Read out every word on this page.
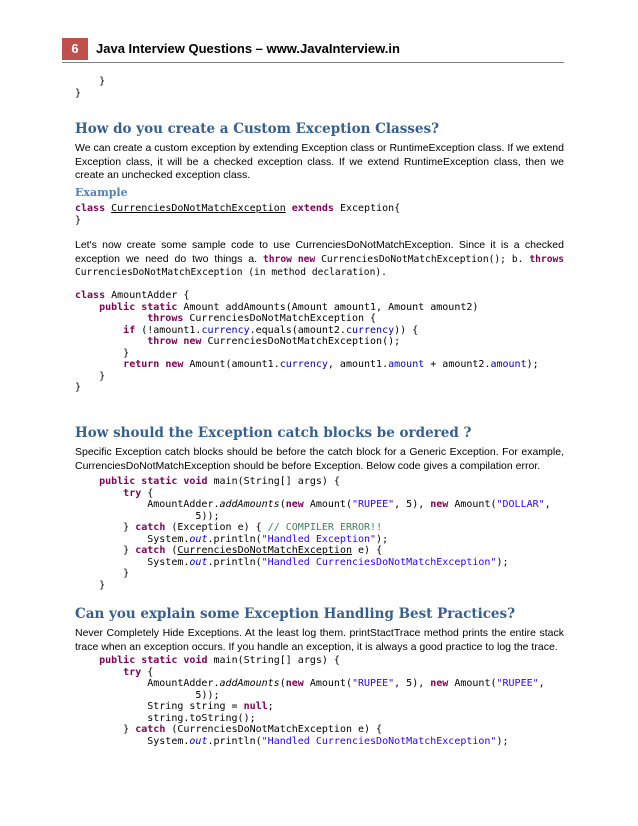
6	Java Interview Questions – www.JavaInterview.in
}
}
How do you create a Custom Exception Classes?

We can create a custom exception by extending Exception class or RuntimeException class. If we extend Exception class, it will be a checked exception class. If we extend RuntimeException class, then we create an unchecked exception class.

Example
class CurrenciesDoNotMatchException extends Exception{
}

Let's now create some sample code to use CurrenciesDoNotMatchException. Since it is a checked exception we need do two things a. throw new CurrenciesDoNotMatchException(); b. throws CurrenciesDoNotMatchException (in method declaration).

class AmountAdder {
public static Amount addAmounts(Amount amount1, Amount amount2)
throws CurrenciesDoNotMatchException {
if (!amount1.currency.equals(amount2.currency)) {
throw new CurrenciesDoNotMatchException();
}
return new Amount(amount1.currency, amount1.amount + amount2.amount);
}
}
How should the Exception catch blocks be ordered ?

Specific Exception catch blocks should be before the catch block for a Generic Exception. For example, CurrenciesDoNotMatchException should be before Exception. Below code gives a compilation error.

public static void main(String[] args) {
try {
AmountAdder.addAmounts(new Amount("RUPEE", 5), new Amount("DOLLAR",
5));
} catch (Exception e) { // COMPILER ERROR!!
System.out.println("Handled Exception");
} catch (CurrenciesDoNotMatchException e) {
System.out.println("Handled CurrenciesDoNotMatchException");
}
}
Can you explain some Exception Handling Best Practices?

Never Completely Hide Exceptions. At the least log them. printStactTrace method prints the entire stack trace when an exception occurs. If you handle an exception, it is always a good practice to log the trace.

public static void main(String[] args) {
try {
AmountAdder.addAmounts(new Amount("RUPEE", 5), new Amount("RUPEE",
5));
String string = null;
string.toString();
} catch (CurrenciesDoNotMatchException e) {
System.out.println("Handled CurrenciesDoNotMatchException");
